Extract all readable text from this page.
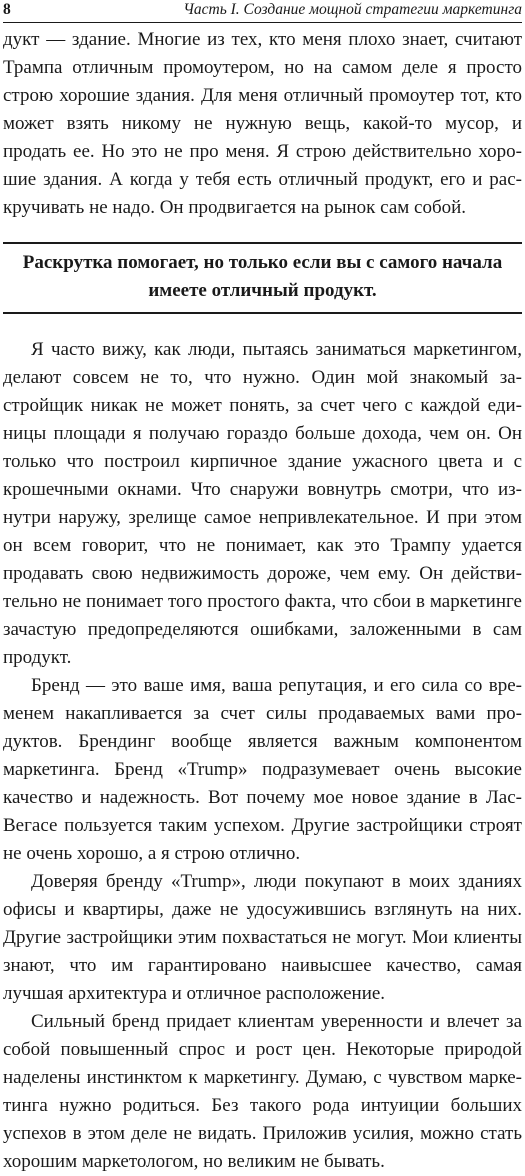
8	Часть I. Создание мощной стратегии маркетинга

дукт — здание. Многие из тех, кто меня плохо знает, считают Трампа отличным промоутером, но на самом деле я просто строю хорошие здания. Для меня отличный промоутер тот, кто может взять никому не нужную вещь, какой-то мусор, и продать ее. Но это не про меня. Я строю действительно хорошие здания. А когда у тебя есть отличный продукт, его и раскручивать не надо. Он продвигается на рынок сам собой.

Раскрутка помогает, но только если вы с самого начала имеете отличный продукт.

Я часто вижу, как люди, пытаясь заниматься маркетингом, делают совсем не то, что нужно. Один мой знакомый застройщик никак не может понять, за счет чего с каждой единицы площади я получаю гораздо больше дохода, чем он. Он только что построил кирпичное здание ужасного цвета и с крошечными окнами. Что снаружи вовнутрь смотри, что изнутри наружу, зрелище самое непривлекательное. И при этом он всем говорит, что не понимает, как это Трампу удается продавать свою недвижимость дороже, чем ему. Он действительно не понимает того простого факта, что сбои в маркeтинге зачастую предопределяются ошибками, заложенными в сам продукт.

Бренд — это ваше имя, ваша репутация, и его сила со временем накапливается за счет силы продаваемых вами продуктов. Брендинг вообще является важным компонентом маркетинга. Бренд «Trump» подразумевает очень высокие качество и надежность. Вот почему мое новое здание в Лас-Вегасе пользуется таким успехом. Другие застройщики строят не очень хорошо, а я строю отлично.

Доверяя бренду «Trump», люди покупают в моих зданиях офисы и квартиры, даже не удосужившись взглянуть на них. Другие застройщики этим похвастаться не могут. Мои клиенты знают, что им гарантировано наивысшее качество, самая лучшая архитектура и отличное расположение.

Сильный бренд придает клиентам уверенности и влечет за собой повышенный спрос и рост цен. Некоторые природой наделены инстинктом к маркетингу. Думаю, с чувством маркетинга нужно родиться. Без такого рода интуиции больших успехов в этом деле не видать. Приложив усилия, можно стать хорошим маркетологом, но великим не бывать.
